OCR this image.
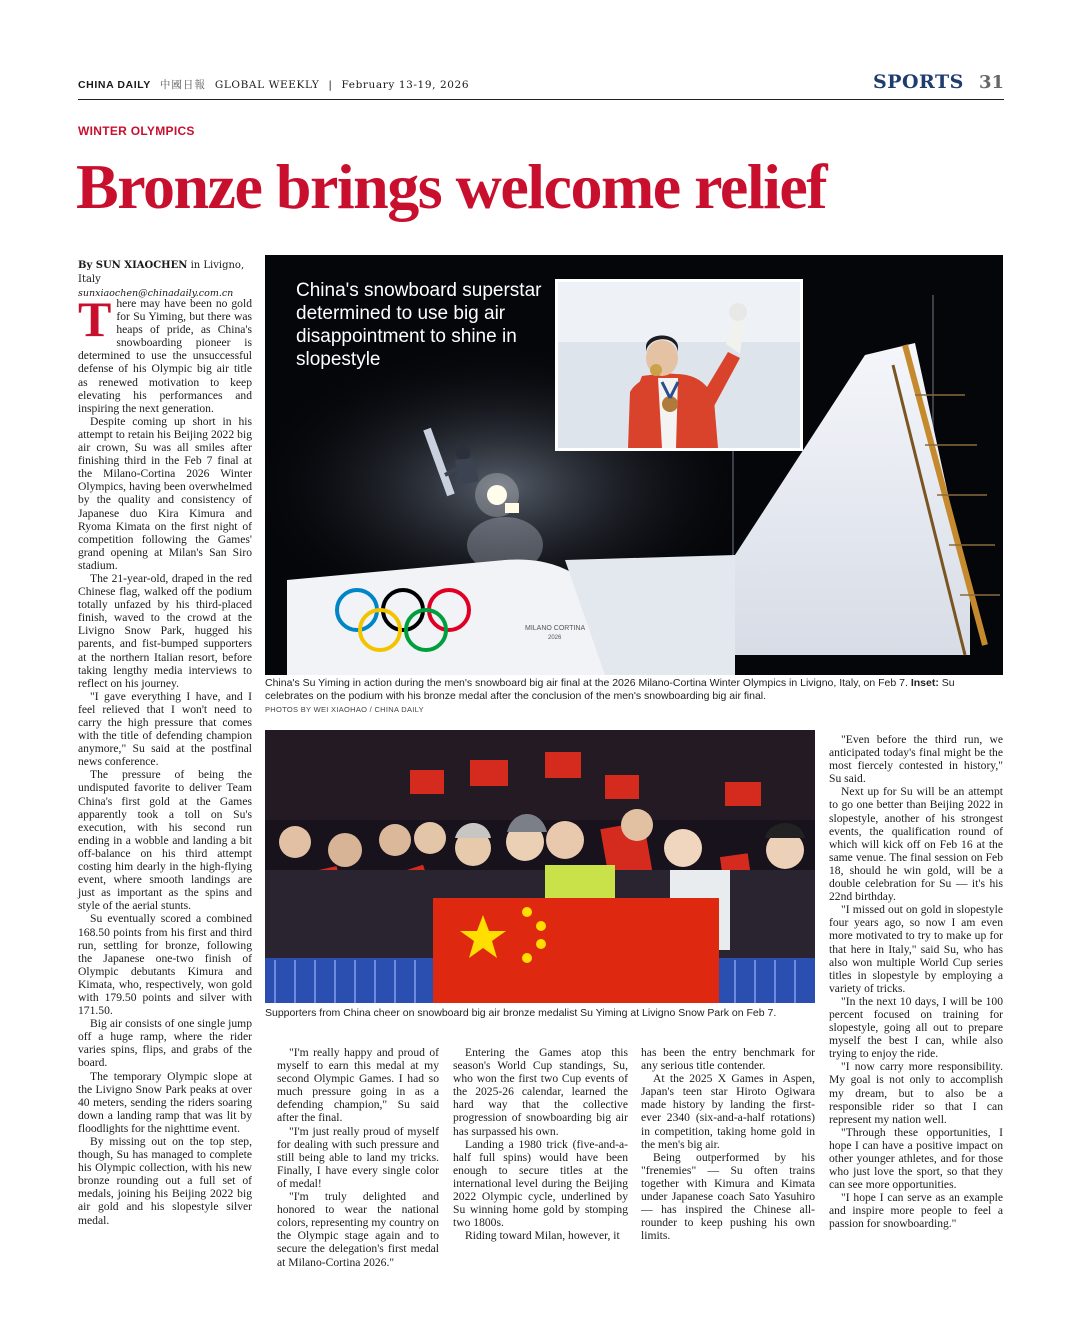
CHINA DAILY 中國日報 GLOBAL WEEKLY | February 13-19, 2026	SPORTS 31
WINTER OLYMPICS
Bronze brings welcome relief
By SUN XIAOCHEN in Livigno, Italy
sunxiaochen@chinadaily.com.cn

There may have been no gold for Su Yiming, but there was heaps of pride, as China's snowboarding pioneer is determined to use the unsuccessful defense of his Olympic big air title as renewed motivation to keep elevating his performances and inspiring the next generation.

Despite coming up short in his attempt to retain his Beijing 2022 big air crown, Su was all smiles after finishing third in the Feb 7 final at the Milano-Cortina 2026 Winter Olympics, having been overwhelmed by the quality and consistency of Japanese duo Kira Kimura and Ryoma Kimata on the first night of competition following the Games' grand opening at Milan's San Siro stadium.

The 21-year-old, draped in the red Chinese flag, walked off the podium totally unfazed by his third-placed finish, waved to the crowd at the Livigno Snow Park, hugged his parents, and fist-bumped supporters at the northern Italian resort, before taking lengthy media interviews to reflect on his journey.

"I gave everything I have, and I feel relieved that I won't need to carry the high pressure that comes with the title of defending champion anymore," Su said at the postfinal news conference.

The pressure of being the undisputed favorite to deliver Team China's first gold at the Games apparently took a toll on Su's execution, with his second run ending in a wobble and landing a bit off-balance on his third attempt costing him dearly in the high-flying event, where smooth landings are just as important as the spins and style of the aerial stunts.

Su eventually scored a combined 168.50 points from his first and third run, settling for bronze, following the Japanese one-two finish of Olympic debutants Kimura and Kimata, who, respectively, won gold with 179.50 points and silver with 171.50.

Big air consists of one single jump off a huge ramp, where the rider varies spins, flips, and grabs of the board.

The temporary Olympic slope at the Livigno Snow Park peaks at over 40 meters, sending the riders soaring down a landing ramp that was lit by floodlights for the nighttime event.

By missing out on the top step, though, Su has managed to complete his Olympic collection, with his new bronze rounding out a full set of medals, joining his Beijing 2022 big air gold and his slopestyle silver medal.

MILANO CORTINA
2026
China's snowboard superstar determined to use big air disappointment to shine in slopestyle
China's Su Yiming in action during the men's snowboard big air final at the 2026 Milano-Cortina Winter Olympics in Livigno, Italy, on Feb 7. Inset: Su celebrates on the podium with his bronze medal after the conclusion of the men's snowboarding big air final.
PHOTOS BY WEI XIAOHAO / CHINA DAILY
Supporters from China cheer on snowboard big air bronze medalist Su Yiming at Livigno Snow Park on Feb 7.

"I'm really happy and proud of myself to earn this medal at my second Olympic Games. I had so much pressure going in as a defending champion," Su said after the final.

"I'm just really proud of myself for dealing with such pressure and still being able to land my tricks. Finally, I have every single color of medal!

"I'm truly delighted and honored to wear the national colors, representing my country on the Olympic stage again and to secure the delegation's first medal at Milano-Cortina 2026."

Entering the Games atop this season's World Cup standings, Su, who won the first two Cup events of the 2025-26 calendar, learned the hard way that the collective progression of snowboarding big air has surpassed his own.

Landing a 1980 trick (five-and-a-half full spins) would have been enough to secure titles at the international level during the Beijing 2022 Olympic cycle, underlined by Su winning home gold by stomping two 1800s.

Riding toward Milan, however, it

has been the entry benchmark for any serious title contender.

At the 2025 X Games in Aspen, Japan's teen star Hiroto Ogiwara made history by landing the first-ever 2340 (six-and-a-half rotations) in competition, taking home gold in the men's big air.

Being outperformed by his "frenemies" — Su often trains together with Kimura and Kimata under Japanese coach Sato Yasuhiro — has inspired the Chinese all-rounder to keep pushing his own limits.

"Even before the third run, we anticipated today's final might be the most fiercely contested in history," Su said.

Next up for Su will be an attempt to go one better than Beijing 2022 in slopestyle, another of his strongest events, the qualification round of which will kick off on Feb 16 at the same venue. The final session on Feb 18, should he win gold, will be a double celebration for Su — it's his 22nd birthday.

"I missed out on gold in slopestyle four years ago, so now I am even more motivated to try to make up for that here in Italy," said Su, who has also won multiple World Cup series titles in slopestyle by employing a variety of tricks.

"In the next 10 days, I will be 100 percent focused on training for slopestyle, going all out to prepare myself the best I can, while also trying to enjoy the ride.

"I now carry more responsibility. My goal is not only to accomplish my dream, but to also be a responsible rider so that I can represent my nation well.

"Through these opportunities, I hope I can have a positive impact on other younger athletes, and for those who just love the sport, so that they can see more opportunities.

"I hope I can serve as an example and inspire more people to feel a passion for snowboarding."
